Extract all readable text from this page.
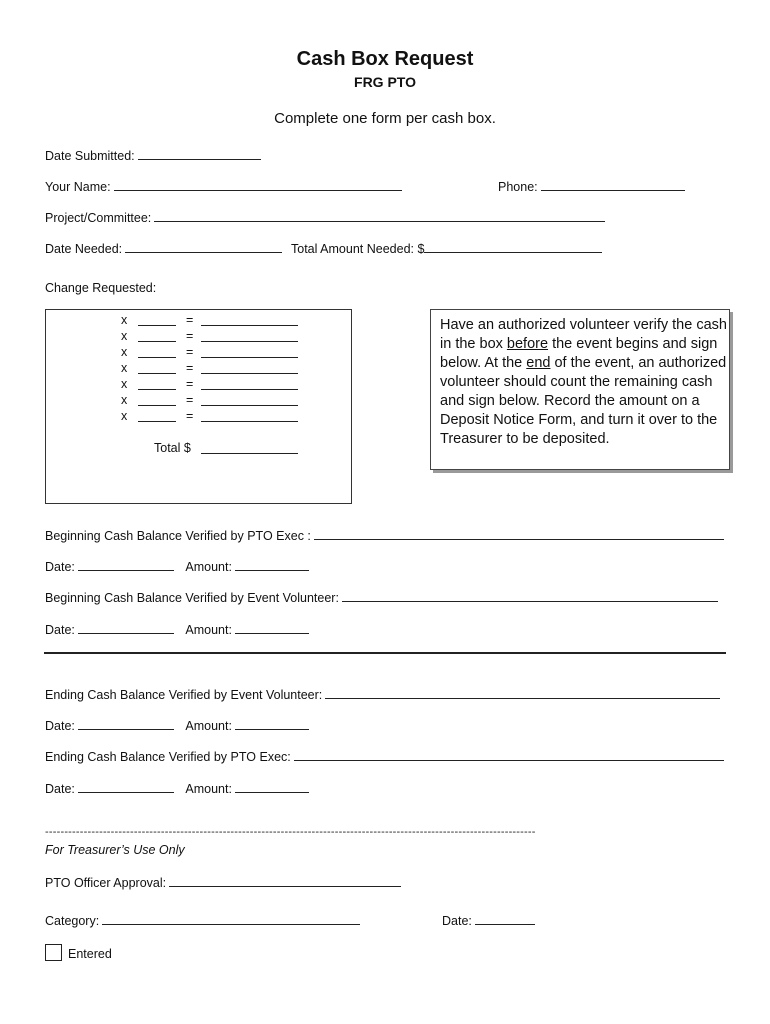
Cash Box Request
FRG PTO
Complete one form per cash box.
Date Submitted:
Your Name:	Phone:
Project/Committee:
Date Needed:	Total Amount Needed: $
Change Requested:
x	=
x	=
x	=
x	=
x	=
x	=
x	=
Total $
Have an authorized volunteer verify the cash in the box before the event begins and sign below. At the end of the event, an authorized volunteer should count the remaining cash and sign below. Record the amount on a Deposit Notice Form, and turn it over to the Treasurer to be deposited.
Beginning Cash Balance Verified by PTO Exec :
Date:	Amount:
Beginning Cash Balance Verified by Event Volunteer:
Date:	Amount:
Ending Cash Balance Verified by Event Volunteer:
Date:	Amount:
Ending Cash Balance Verified by PTO Exec:
Date:	Amount:
-------------------------------------------------------------------------------------------------------------------------------
For Treasurer’s Use Only
PTO Officer Approval:
Category:	Date:
Entered
